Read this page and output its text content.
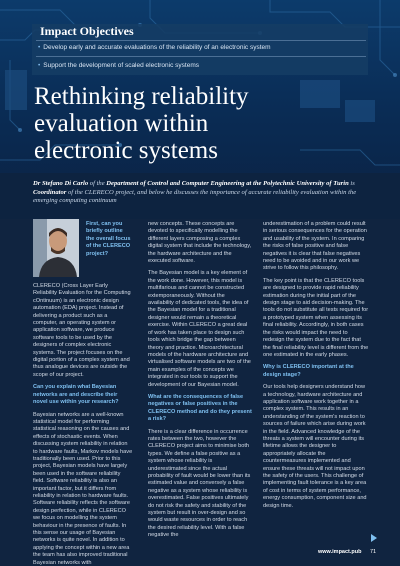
Impact Objectives
• Develop early and accurate evaluations of the reliability of an electronic system
• Support the development of scaled electronic systems
Rethinking reliability
evaluation within
electronic systems
Dr Stefano Di Carlo of the Department of Control and Computer Engineering at the Polytechnic University of Turin is Coordinator of the CLERECO project, and below he discusses the importance of accurate reliability evaluation within the emerging computing continuum
First, can you briefly outline the overall focus of the CLERECO project?

CLERECO (Cross Layer Early Reliability Evaluation for the Computing cOntinuum) is an electronic design automation (EDA) project. Instead of delivering a product such as a computer, an operating system or application software, we produce software tools to be used by the designers of complex electronic systems. The project focuses on the digital portion of a complex system and thus analogue devices are outside the scope of our project.

Can you explain what Bayesian networks are and describe their novel use within your research?

Bayesian networks are a well-known statistical model for performing statistical reasoning on the causes and effects of stochastic events. When discussing system reliability in relation to hardware faults, Markov models have traditionally been used. Prior to this project, Bayesian models have largely been used in the software reliability field. Software reliability is also an important factor, but it differs from reliability in relation to hardware faults. Software reliability reflects the software design perfection, while in CLERECO we focus on modelling the system behaviour in the presence of faults. In this sense our usage of Bayesian networks is quite novel. In addition to applying the concept within a new area the team has also improved traditional Bayesian networks with

new concepts. These concepts are devoted to specifically modelling the different layers composing a complex digital system that include the technology, the hardware architecture and the executed software.

The Bayesian model is a key element of the work done. However, this model is multifarious and cannot be constructed extemporaneously. Without the availability of dedicated tools, the idea of the Bayesian model for a traditional designer would remain a theoretical exercise. Within CLERECO a great deal of work has taken place to design such tools which bridge the gap between theory and practice. Microarchitectural models of the hardware architecture and virtualised software models are two of the main examples of the concepts we integrated in our tools to support the development of our Bayesian model.

What are the consequences of false negatives or false positives in the CLERECO method and do they present a risk?

There is a clear difference in occurrence rates between the two, however the CLERECO project aims to minimise both types. We define a false positive as a system whose reliability is underestimated since the actual probability of fault would be lower than its estimated value and conversely a false negative as a system whose reliability is overestimated. False positives ultimately do not risk the safety and stability of the system but result in over-design and so would waste resources in order to reach the desired reliability level. With a false negative the

underestimation of a problem could result in serious consequences for the operation and usability of the system. In comparing the risks of false positive and false negatives it is clear that false negatives need to be avoided and in our work we strive to follow this philosophy.

The key point is that the CLERECO tools are designed to provide rapid reliability estimation during the initial part of the design stage to aid decision-making. The tools do not substitute all tests required for a prototyped system when assessing its final reliability. Accordingly, in both cases the risks would impact the need to redesign the system due to the fact that the final reliability level is different from the one estimated in the early phases.

Why is CLERECO important at the design stage?

Our tools help designers understand how a technology, hardware architecture and application software work together in a complex system. This results in an understanding of the system's reaction to sources of failure which arise during work in the field. Advanced knowledge of the threats a system will encounter during its lifetime allows the designer to appropriately allocate the countermeasures implemented and ensure these threats will not impact upon the safety of the users. This challenge of implementing fault tolerance is a key area of cost in terms of system performance, energy consumption, component size and design time.

www.impact.pub 71
